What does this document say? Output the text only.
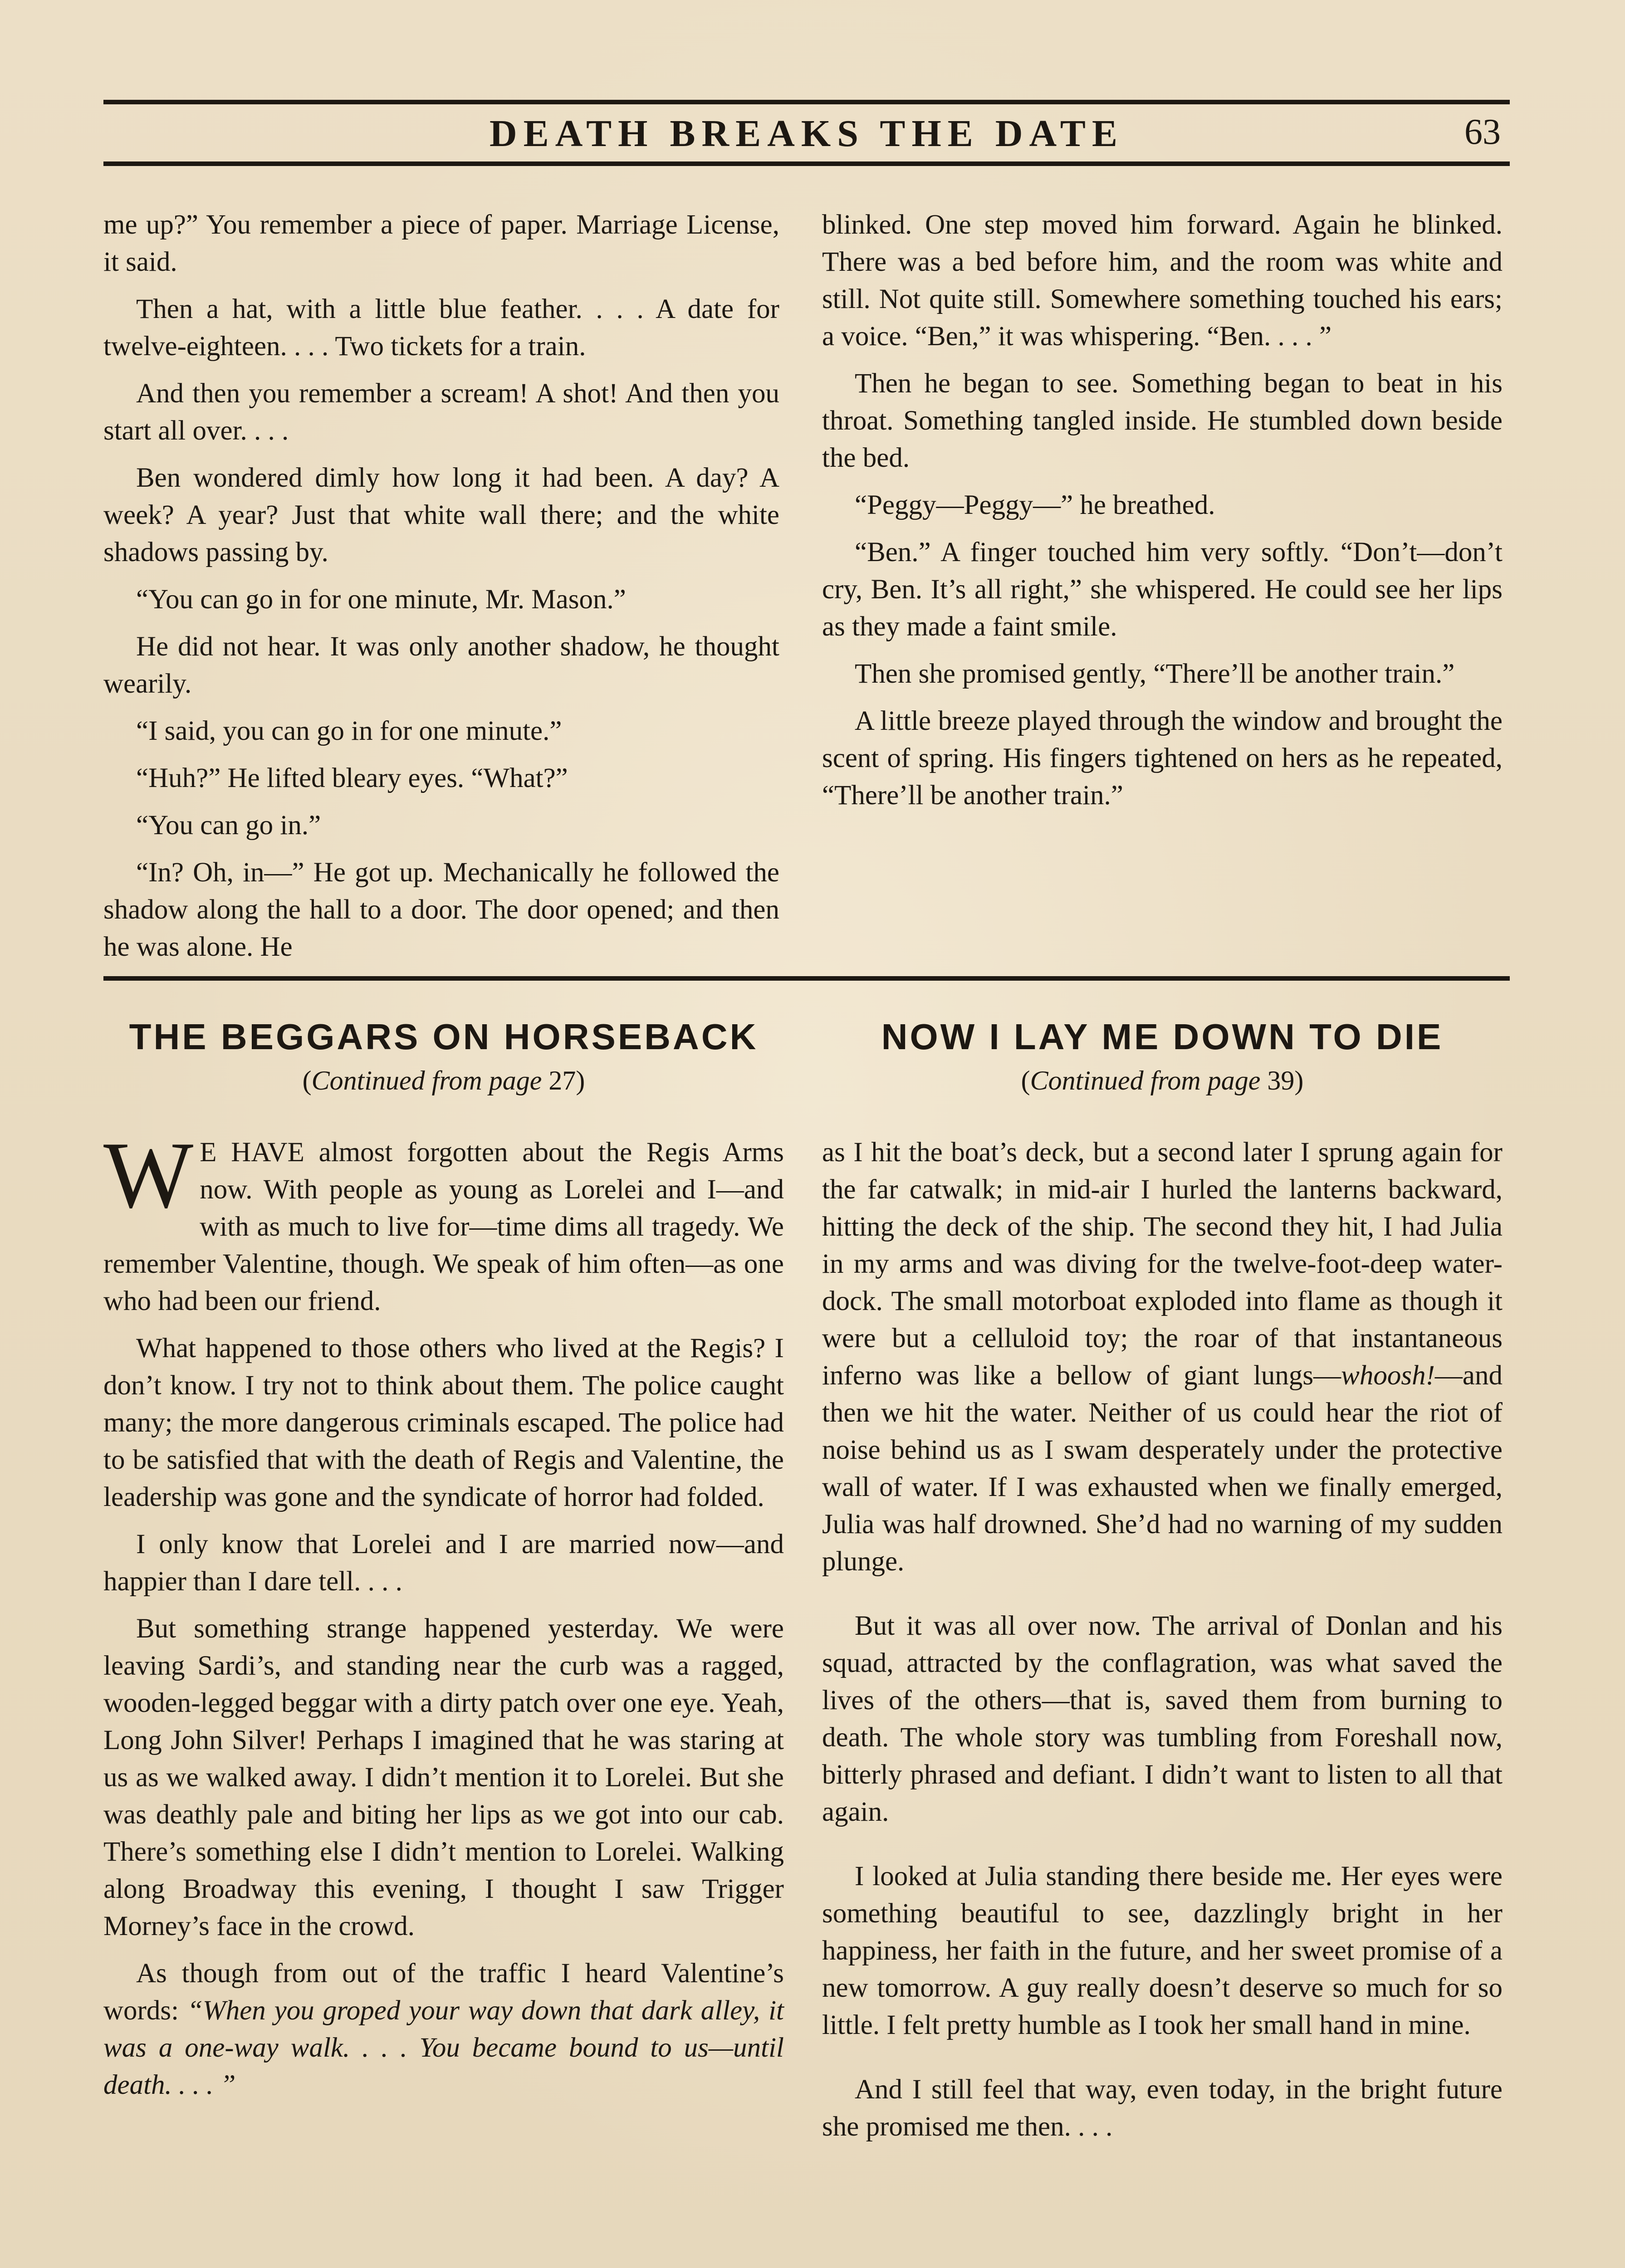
DEATH BREAKS THE DATE	63

me up?” You remember a piece of paper. Marriage License, it said.

Then a hat, with a little blue feather. . . . A date for twelve-eighteen. . . . Two tickets for a train.

And then you remember a scream! A shot! And then you start all over. . . .

Ben wondered dimly how long it had been. A day? A week? A year? Just that white wall there; and the white shadows passing by.

“You can go in for one minute, Mr. Mason.”

He did not hear. It was only another shadow, he thought wearily.

“I said, you can go in for one minute.”

“Huh?” He lifted bleary eyes. “What?”

“You can go in.”

“In? Oh, in—” He got up. Mechanically he followed the shadow along the hall to a door. The door opened; and then he was alone. He

blinked. One step moved him forward. Again he blinked. There was a bed before him, and the room was white and still. Not quite still. Somewhere something touched his ears; a voice. “Ben,” it was whispering. “Ben. . . . ”

Then he began to see. Something began to beat in his throat. Something tangled inside. He stumbled down beside the bed.

“Peggy—Peggy—” he breathed.

“Ben.” A finger touched him very softly. “Don’t—don’t cry, Ben. It’s all right,” she whispered. He could see her lips as they made a faint smile.

Then she promised gently, “There’ll be another train.”

A little breeze played through the window and brought the scent of spring. His fingers tightened on hers as he repeated, “There’ll be another train.”

THE BEGGARS ON HORSEBACK
(Continued from page 27)
NOW I LAY ME DOWN TO DIE
(Continued from page 39)

W E HAVE almost forgotten about the Regis Arms now. With people as young as Lorelei and I—and with as much to live for—time dims all tragedy. We remember Valentine, though. We speak of him often—as one who had been our friend.

What happened to those others who lived at the Regis? I don’t know. I try not to think about them. The police caught many; the more dangerous criminals escaped. The police had to be satisfied that with the death of Regis and Valentine, the leadership was gone and the syndicate of horror had folded.

I only know that Lorelei and I are married now—and happier than I dare tell. . . .

But something strange happened yesterday. We were leaving Sardi’s, and standing near the curb was a ragged, wooden-legged beggar with a dirty patch over one eye. Yeah, Long John Silver! Perhaps I imagined that he was staring at us as we walked away. I didn’t mention it to Lorelei. But she was deathly pale and biting her lips as we got into our cab. There’s something else I didn’t mention to Lorelei. Walking along Broadway this evening, I thought I saw Trigger Morney’s face in the crowd.

As though from out of the traffic I heard Valentine’s words: “When you groped your way down that dark alley, it was a one-way walk. . . . You became bound to us—until death. . . . ”

as I hit the boat’s deck, but a second later I sprung again for the far catwalk; in mid-air I hurled the lanterns backward, hitting the deck of the ship. The second they hit, I had Julia in my arms and was diving for the twelve-foot-deep water-dock. The small motorboat exploded into flame as though it were but a celluloid toy; the roar of that instantaneous inferno was like a bellow of giant lungs—whoosh!—and then we hit the water. Neither of us could hear the riot of noise behind us as I swam desperately under the protective wall of water. If I was exhausted when we finally emerged, Julia was half drowned. She’d had no warning of my sudden plunge.

But it was all over now. The arrival of Donlan and his squad, attracted by the conflagration, was what saved the lives of the others—that is, saved them from burning to death. The whole story was tumbling from Foreshall now, bitterly phrased and defiant. I didn’t want to listen to all that again.

I looked at Julia standing there beside me. Her eyes were something beautiful to see, dazzlingly bright in her happiness, her faith in the future, and her sweet promise of a new tomorrow. A guy really doesn’t deserve so much for so little. I felt pretty humble as I took her small hand in mine.

And I still feel that way, even today, in the bright future she promised me then. . . .
